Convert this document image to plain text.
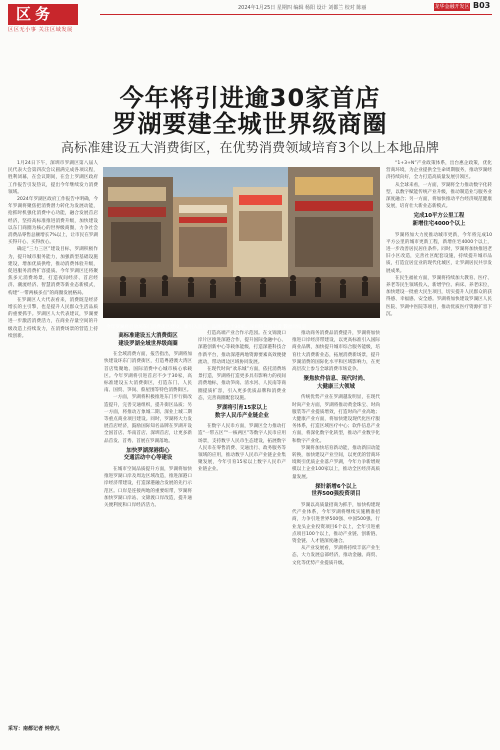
区务
区区无小事 关注区域发展
2024年1月25日 星期四 编辑 杨阳 设计 刘都兰 校对 陈丽	龙华金融开发区 B03
今年将引进逾30家首店
罗湖要建全城世界级商圈
高标准建设五大消费街区，在优势消费领域培育3个以上本地品牌

1月24日下午，深圳市罗湖区第八届人民代表大会第四次会议圆满完成各项议程，胜利闭幕，在会议期间，在会上罗湖区政府工作报告引发热议，提出今年继续发力消费领域。

2024年罗湖区政府工作报告中明确，今年罗湖将聚焦把消费潜力转化为发展动能，抢抓时机强化消费中心功能，融合发展首店经济，坚持高标准推进消费升级，加快建设以东门商圈为核心的世界级商圈，力争社会消费品零售总额增长7%以上，让市民在罗湖买得开心、买得放心。

确定“三力三区”建设目标，罗湖积极作为，提升城市服务能力，加强新型基础设施建设，增加优质供给，推动消费体验升级，促进服务消费扩容提质。今年罗湖区还将聚焦多元消费场景，打造夜间经济、首店经济、潮流经济、智慧消费等新业态新模式，构建“一带两核多点”的商圈发展格局。

在罗湖区人大代表看来，消费既是经济增长的主引擎，也是提升人民群众生活品质的重要抓手。罗湖区人大代表建议，罗湖要进一步激活消费活力，在商业存量空间的升级改造上持续发力，在消费场景的营造上持续创新。

今年罗湖将启动环东门消费街区建设，新引入首店、品牌不少于30家。深圳特区报记者 魏福时报道
高标准建设五大消费街区
建设罗湖全域世界级商圈

在全域消费方面，报告指出，罗湖将加快建设环东门消费街区，打造粤港澳大湾区首店集聚地、国际消费中心城市核心承载区。今年罗湖将引进首店不少于30家，高标准建设五大消费街区，打造东门、人民南、国贸、笋岗、蔡屋围等特色消费街区。

一方面，罗湖将积极推进东门步行街改造提升，完善交通组织，提升街区品质；另一方面，将推动万象城二期、深业上城二期等重点商业项目建设。同时，罗湖将大力发展首店经济，鼓励国际知名品牌在罗湖开设全国首店、华南首店、深圳首店，让更多新品首发、首秀、首展在罗湖落地。

加快罗湖深港街心
交通活动中心等建设

在城市空间品质提升方面，罗湖将加快推进罗湖口岸及周边区域改造，推进深港口岸经济带建设，打造深港融合发展的先行示范区。口岸是连接两地的重要纽带，罗湖将加快罗湖口岸站、文锦渡口岸改造，提升通关便利度和口岸经济活力。

打造高端产业合作示范园。在文锦渡口岸片区推进深港合作，提升国际金融中心、深港创新中心等载体能级，打造深港科技合作新平台，推动深港两地资源要素高效便捷流动，带动周边区域协同发展。

在现代时尚“欢乐城”方面，依托消费场景打造，罗湖将打造更多具有影响力的夜间消费地标，推动笋岗、清水河、人民南等商圈提质扩容，引入更多优质品牌和消费业态，完善商圈配套设施。

罗湖将引育15家以上
数字人民币产业链企业

在数字人民币方面，罗湖区全力推动打造“一带五区”“一核两区”等数字人民币应用场景，支持数字人民币生态建设，拓展数字人民币在零售消费、交通出行、政务服务等领域的应用，推动数字人民币产业链企业集聚发展，今年引育15家以上数字人民币产业链企业。

推动商务消费品消费提升，罗湖将加快推进口岸经济带建设，以更高标准引入国际商业品牌，加快提升城市综合服务能级，培育壮大消费新业态，拓展消费新场景，提升罗湖消费的国际化水平和区域影响力，在更高层次上参与全球消费市场竞争。

聚焦软件信息、现代时尚、
大健康三大领域

传统优势产业在罗湖越发明显，在现代时尚产业方面，罗湖将推动黄金珠宝、时尚服装等产业提质增效，打造时尚产业高地；大健康产业方面，将加快建设现代化医疗服务体系，打造区域医疗中心；软件信息产业方面，将深化数字化转型，推动产业数字化和数字产业化。

罗湖将加快培育新动能，推动新旧动能转换，加快建设产业空间，以更优的营商环境吸引优质企业落户罗湖，今年力争新增规模以上企业100家以上，推动全区经济高质量发展。

探针新增6个以上
世界500强投资项目

罗湖以高质量招商为抓手，加快构建现代产业体系，今年罗湖将继续实施精准招商，力争引进世界500强、中国500强、行业龙头企业投资项目6个以上，全年引进重点项目100个以上，推动产业链、创新链、资金链、人才链深度融合。

从产业发展看，罗湖将持续丰富产业生态，大力发展总部经济，推动金融、商贸、文化等优势产业提质升级。

“1+3+N”产业政策体系，出台惠企政策，优化营商环境，为企业提供全生命周期服务，推动罗湖经济持续向好，全力打造高质量发展引领区。

从全球来看，一方面，罗湖将全力推动数字化转型，以数字赋能传统产业升级，推动制造业与服务业深度融合；另一方面，将加快推动平台经济规范健康发展，培育壮大新业态新模式。

完成10平方公里工程
新增住宅4000个以上

罗湖将加大力度推动城市更新，今年将完成10平方公里的城市更新工程，新增住宅4000个以上，进一步改善居民居住条件。同时，罗湖将加快推进老旧小区改造，完善社区配套设施，持续提升城市品质，打造宜居宜业的现代化城区，让罗湖居民共享发展成果。

在民生福祉方面，罗湖将持续加大教育、医疗、养老等民生领域投入，新增学位、病床、养老床位，加快建设一批重大民生项目，切实提升人民群众的获得感、幸福感、安全感。罗湖将加快建设罗湖区人民医院、罗湖中医院等项目，推动优质医疗资源扩容下沉。

采写：南都记者 钟欣凡
